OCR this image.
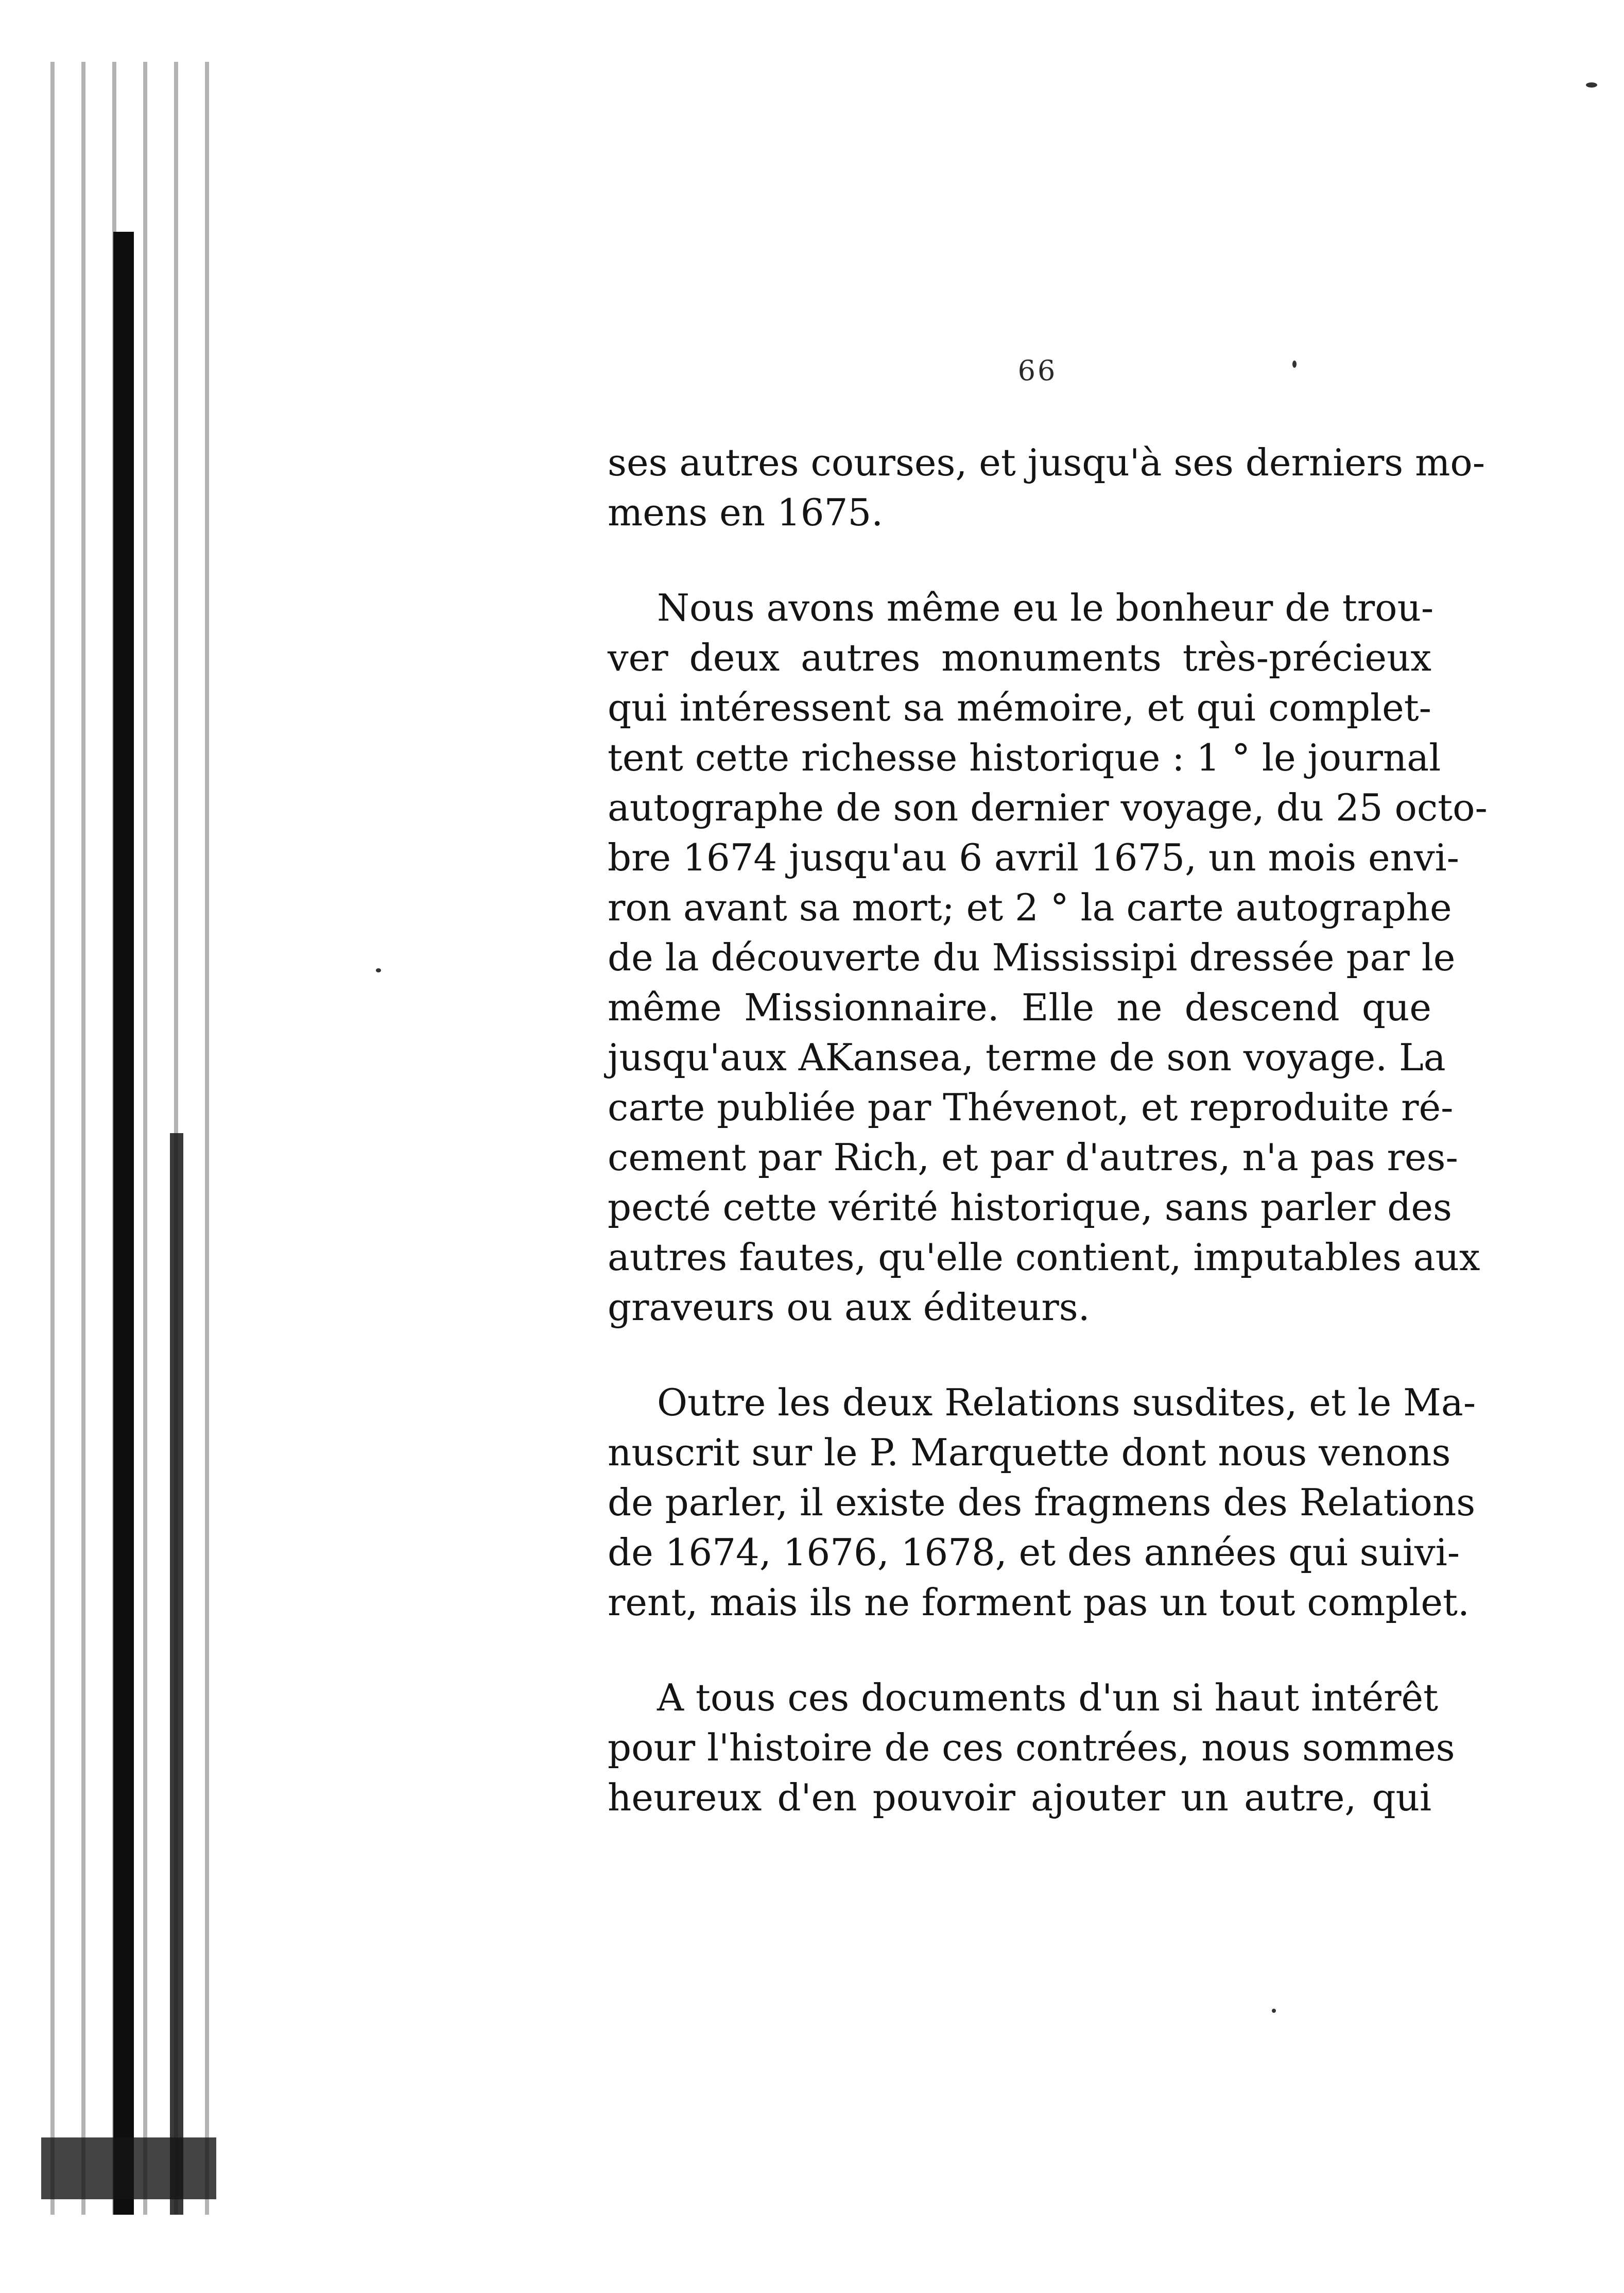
66
ses autres courses, et jusqu'à ses derniers mo-
mens en 1675.
Nous avons même eu le bonheur de trou-
ver deux autres monuments très-précieux
qui intéressent sa mémoire, et qui complet-
tent cette richesse historique : 1 ° le journal
autographe de son dernier voyage, du 25 octo-
bre 1674 jusqu'au 6 avril 1675, un mois envi-
ron avant sa mort; et 2 ° la carte autographe
de la découverte du Mississipi dressée par le
même Missionnaire. Elle ne descend que
jusqu'aux AKansea, terme de son voyage. La
carte publiée par Thévenot, et reproduite ré-
cement par Rich, et par d'autres, n'a pas res-
pecté cette vérité historique, sans parler des
autres fautes, qu'elle contient, imputables aux
graveurs ou aux éditeurs.
Outre les deux Relations susdites, et le Ma-
nuscrit sur le P. Marquette dont nous venons
de parler, il existe des fragmens des Relations
de 1674, 1676, 1678, et des années qui suivi-
rent, mais ils ne forment pas un tout complet.
A tous ces documents d'un si haut intérêt
pour l'histoire de ces contrées, nous sommes
heureux d'en pouvoir ajouter un autre, qui
